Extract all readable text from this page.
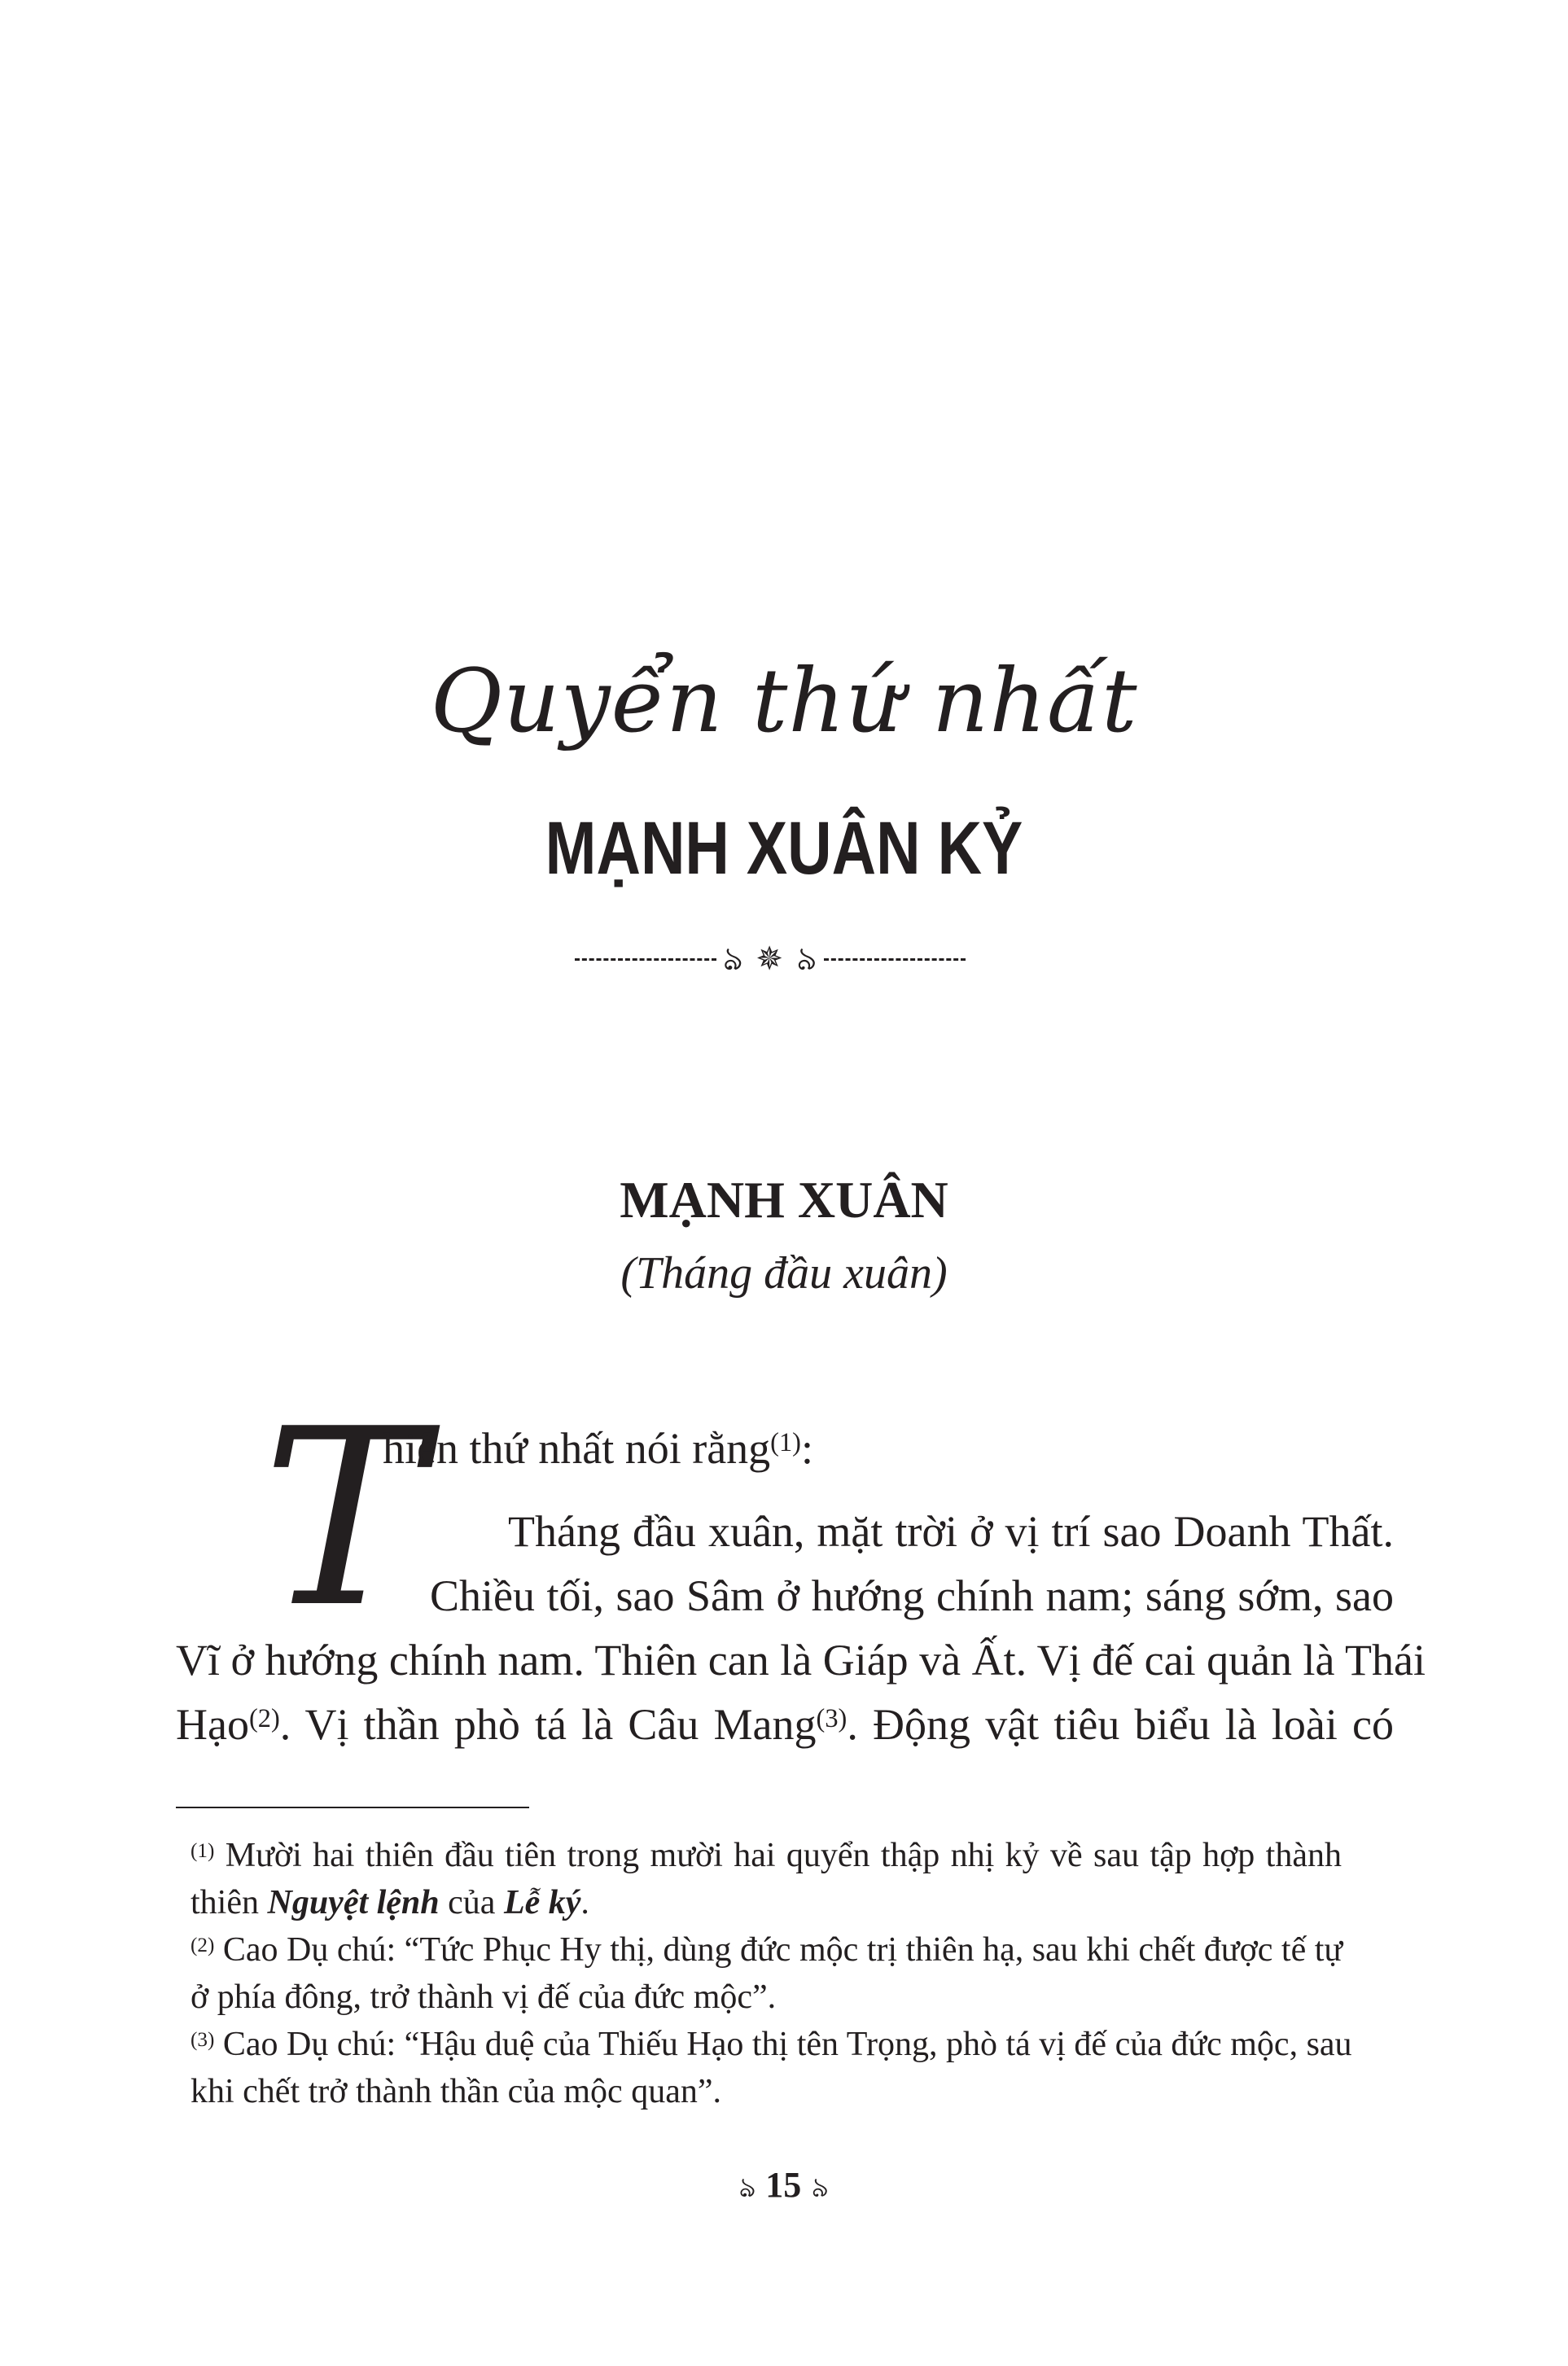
Quyển thứ nhất
MẠNH XUÂN KỶ
ঌ ✵ ৯
MẠNH XUÂN
(Tháng đầu xuân)
T

hiên thứ nhất nói rằng$^{(1)}$:

Tháng đầu xuân, mặt trời ở vị trí sao Doanh Thất.

Chiều tối, sao Sâm ở hướng chính nam; sáng sớm, sao

Vĩ ở hướng chính nam. Thiên can là Giáp và Ất. Vị đế cai quản là Thái

Hạo$^{(2)}$. Vị thần phò tá là Câu Mang$^{(3)}$. Động vật tiêu biểu là loài có

$^{(1)}$ Mười hai thiên đầu tiên trong mười hai quyển thập nhị kỷ về sau tập hợp thành

thiên Nguyệt lệnh của Lễ ký.

$^{(2)}$ Cao Dụ chú: “Tức Phục Hy thị, dùng đức mộc trị thiên hạ, sau khi chết được tế tự

ở phía đông, trở thành vị đế của đức mộc”.

$^{(3)}$ Cao Dụ chú: “Hậu duệ của Thiếu Hạo thị tên Trọng, phò tá vị đế của đức mộc, sau

khi chết trở thành thần của mộc quan”.

ঌ 15 ৯
